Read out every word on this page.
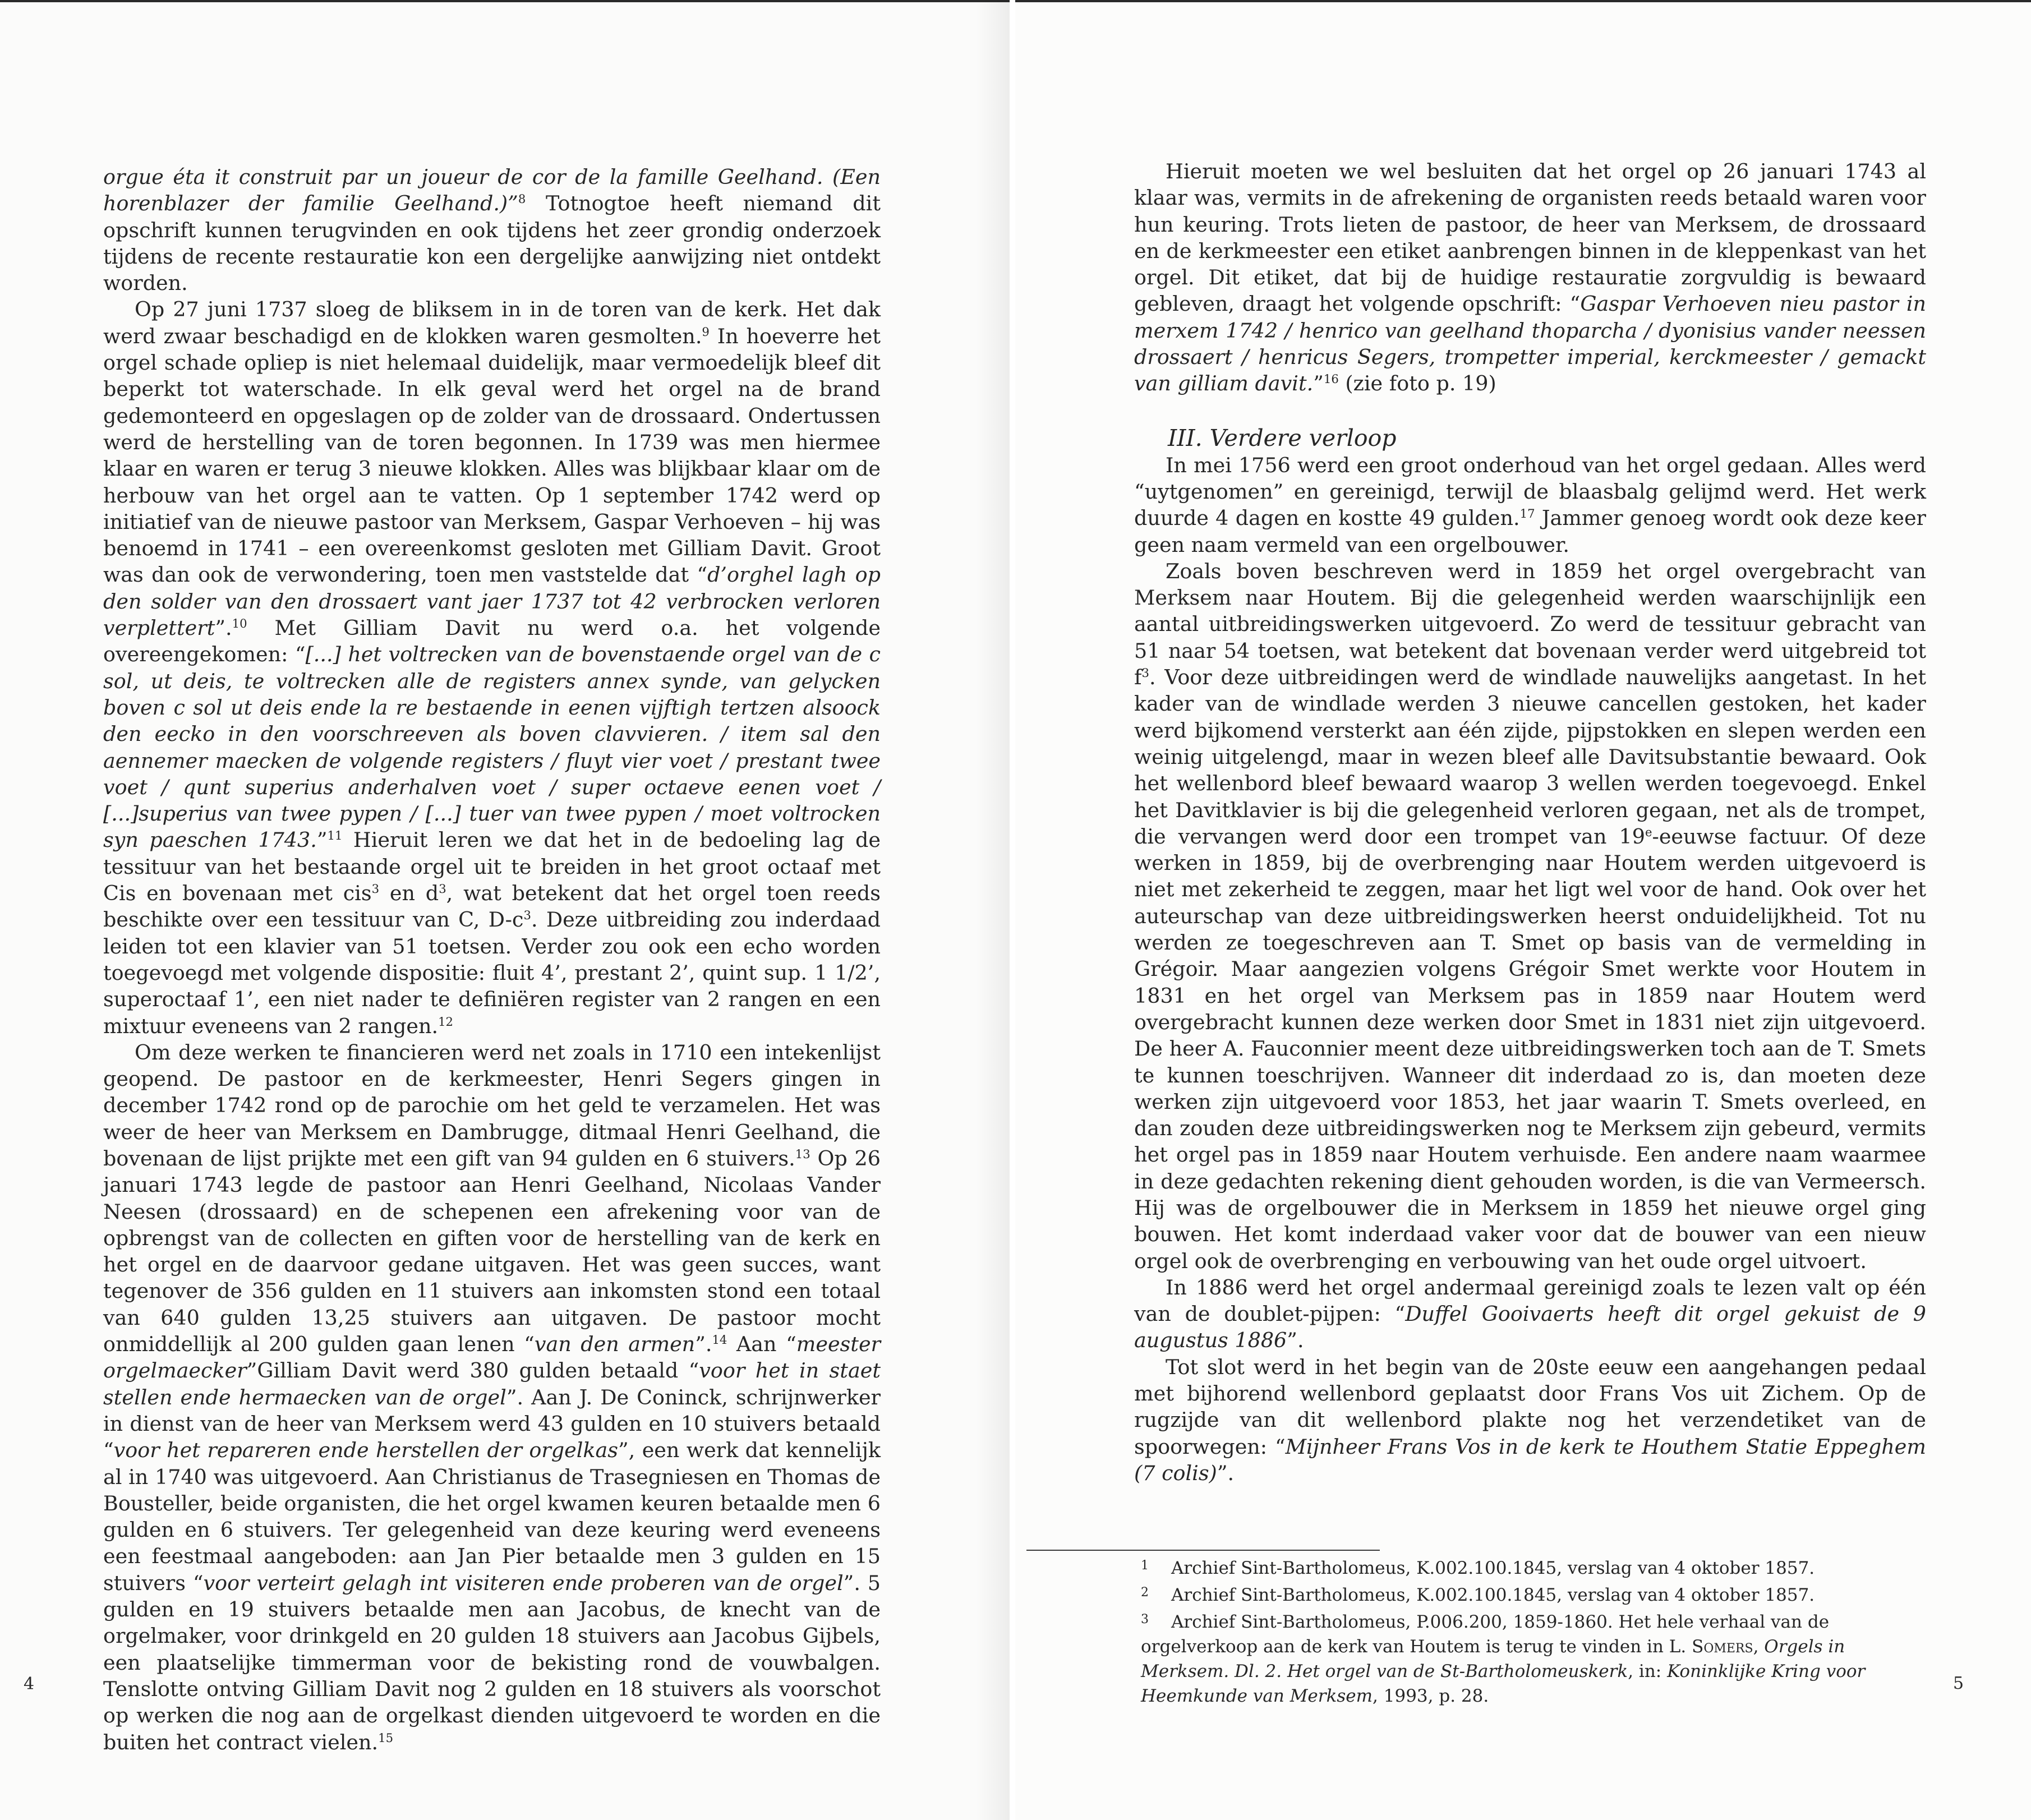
orgue éta it construit par un joueur de cor de la famille Geelhand. (Een horenblazer der familie Geelhand.)”$^8$ Totnogtoe heeft niemand dit opschrift kunnen terugvinden en ook tijdens het zeer grondig onderzoek tijdens de recente restauratie kon een dergelijke aanwijzing niet ontdekt worden.

Op 27 juni 1737 sloeg de bliksem in in de toren van de kerk. Het dak werd zwaar beschadigd en de klokken waren gesmolten.$^9$ In hoeverre het orgel schade opliep is niet helemaal duidelijk, maar vermoedelijk bleef dit beperkt tot waterschade. In elk geval werd het orgel na de brand gedemonteerd en opgeslagen op de zolder van de drossaard. Ondertussen werd de herstelling van de toren begonnen. In 1739 was men hiermee klaar en waren er terug 3 nieuwe klokken. Alles was blijkbaar klaar om de herbouw van het orgel aan te vatten. Op 1 september 1742 werd op initiatief van de nieuwe pastoor van Merksem, Gaspar Verhoeven – hij was benoemd in 1741 – een overeenkomst gesloten met Gilliam Davit. Groot was dan ook de verwondering, toen men vaststelde dat “d’orghel lagh op den solder van den drossaert vant jaer 1737 tot 42 verbrocken verloren verplettert”.$^{10}$ Met Gilliam Davit nu werd o.a. het volgende overeengekomen: “[...] het voltrecken van de bovenstaende orgel van de c sol, ut deis, te voltrecken alle de registers annex synde, van gelycken boven c sol ut deis ende la re bestaende in eenen vijftigh tertzen alsoock den eecko in den voorschreeven als boven clavvieren. / item sal den aennemer maecken de volgende registers / fluyt vier voet / prestant twee voet / qunt superius anderhalven voet / super octaeve eenen voet / [...]superius van twee pypen / [...] tuer van twee pypen / moet voltrocken syn paeschen 1743.”$^{11}$ Hieruit leren we dat het in de bedoeling lag de tessituur van het bestaande orgel uit te breiden in het groot octaaf met Cis en bovenaan met cis$^3$ en $d^3$, wat betekent dat het orgel toen reeds beschikte over een tessituur van C, $D-c^3$. Deze uitbreiding zou inderdaad leiden tot een klavier van 51 toetsen. Verder zou ook een echo worden toegevoegd met volgende dispositie: fluit 4’, prestant 2’, quint sup. 1 1/2’, superoctaaf 1’, een niet nader te definiëren register van 2 rangen en een mixtuur eveneens van 2 rangen.$^{12}$

Om deze werken te financieren werd net zoals in 1710 een intekenlijst geopend. De pastoor en de kerkmeester, Henri Segers gingen in december 1742 rond op de parochie om het geld te verzamelen. Het was weer de heer van Merksem en Dambrugge, ditmaal Henri Geelhand, die bovenaan de lijst prijkte met een gift van 94 gulden en 6 stuivers.$^{13}$ Op 26 januari 1743 legde de pastoor aan Henri Geelhand, Nicolaas Vander Neesen (drossaard) en de schepenen een afrekening voor van de opbrengst van de collecten en giften voor de herstelling van de kerk en het orgel en de daarvoor gedane uitgaven. Het was geen succes, want tegenover de 356 gulden en 11 stuivers aan inkomsten stond een totaal van 640 gulden 13,25 stuivers aan uitgaven. De pastoor mocht onmiddellijk al 200 gulden gaan lenen “van den armen”.$^{14}$ Aan “meester orgelmaecker”Gilliam Davit werd 380 gulden betaald “voor het in staet stellen ende hermaecken van de orgel”. Aan J. De Coninck, schrijnwerker in dienst van de heer van Merksem werd 43 gulden en 10 stuivers betaald “voor het repareren ende herstellen der orgelkas”, een werk dat kennelijk al in 1740 was uitgevoerd. Aan Christianus de Trasegniesen en Thomas de Bousteller, beide organisten, die het orgel kwamen keuren betaalde men 6 gulden en 6 stuivers. Ter gelegenheid van deze keuring werd eveneens een feestmaal aangeboden: aan Jan Pier betaalde men 3 gulden en 15 stuivers “voor verteirt gelagh int visiteren ende proberen van de orgel”. 5 gulden en 19 stuivers betaalde men aan Jacobus, de knecht van de orgelmaker, voor drinkgeld en 20 gulden 18 stuivers aan Jacobus Gijbels, een plaatselijke timmerman voor de bekisting rond de vouwbalgen. Tenslotte ontving Gilliam Davit nog 2 gulden en 18 stuivers als voorschot op werken die nog aan de orgelkast dienden uitgevoerd te worden en die buiten het contract vielen.$^{15}$

4

Hieruit moeten we wel besluiten dat het orgel op 26 januari 1743 al klaar was, vermits in de afrekening de organisten reeds betaald waren voor hun keuring. Trots lieten de pastoor, de heer van Merksem, de drossaard en de kerkmeester een etiket aanbrengen binnen in de kleppenkast van het orgel. Dit etiket, dat bij de huidige restauratie zorgvuldig is bewaard gebleven, draagt het volgende opschrift: “Gaspar Verhoeven nieu pastor in merxem 1742 / henrico van geelhand thoparcha / dyonisius vander neessen drossaert / henricus Segers, trompetter imperial, kerckmeester / gemackt van gilliam davit.”$^{16}$ (zie foto p. 19)

III. Verdere verloop

In mei 1756 werd een groot onderhoud van het orgel gedaan. Alles werd “uytgenomen” en gereinigd, terwijl de blaasbalg gelijmd werd. Het werk duurde 4 dagen en kostte 49 gulden.$^{17}$ Jammer genoeg wordt ook deze keer geen naam vermeld van een orgelbouwer.

Zoals boven beschreven werd in 1859 het orgel overgebracht van Merksem naar Houtem. Bij die gelegenheid werden waarschijnlijk een aantal uitbreidingswerken uitgevoerd. Zo werd de tessituur gebracht van 51 naar 54 toetsen, wat betekent dat bovenaan verder werd uitgebreid tot $f^3$. Voor deze uitbreidingen werd de windlade nauwelijks aangetast. In het kader van de windlade werden 3 nieuwe cancellen gestoken, het kader werd bijkomend versterkt aan één zijde, pijpstokken en slepen werden een weinig uitgelengd, maar in wezen bleef alle Davitsubstantie bewaard. Ook het wellenbord bleef bewaard waarop 3 wellen werden toegevoegd. Enkel het Davitklavier is bij die gelegenheid verloren gegaan, net als de trompet, die vervangen werd door een trompet van 19e-eeuwse factuur. Of deze werken in 1859, bij de overbrenging naar Houtem werden uitgevoerd is niet met zekerheid te zeggen, maar het ligt wel voor de hand. Ook over het auteurschap van deze uitbreidingswerken heerst onduidelijkheid. Tot nu werden ze toegeschreven aan T. Smet op basis van de vermelding in Grégoir. Maar aangezien volgens Grégoir Smet werkte voor Houtem in 1831 en het orgel van Merksem pas in 1859 naar Houtem werd overgebracht kunnen deze werken door Smet in 1831 niet zijn uitgevoerd. De heer A. Fauconnier meent deze uitbreidingswerken toch aan de T. Smets te kunnen toeschrijven. Wanneer dit inderdaad zo is, dan moeten deze werken zijn uitgevoerd voor 1853, het jaar waarin T. Smets overleed, en dan zouden deze uitbreidingswerken nog te Merksem zijn gebeurd, vermits het orgel pas in 1859 naar Houtem verhuisde. Een andere naam waarmee in deze gedachten rekening dient gehouden worden, is die van Vermeersch. Hij was de orgelbouwer die in Merksem in 1859 het nieuwe orgel ging bouwen. Het komt inderdaad vaker voor dat de bouwer van een nieuw orgel ook de overbrenging en verbouwing van het oude orgel uitvoert.

In 1886 werd het orgel andermaal gereinigd zoals te lezen valt op één van de doublet-pijpen: “Duffel Gooivaerts heeft dit orgel gekuist de 9 augustus 1886”.

Tot slot werd in het begin van de 20ste eeuw een aangehangen pedaal met bijhorend wellenbord geplaatst door Frans Vos uit Zichem. Op de rugzijde van dit wellenbord plakte nog het verzendetiket van de spoorwegen: “Mijnheer Frans Vos in de kerk te Houthem Statie Eppeghem (7 colis)”.

1 Archief Sint-Bartholomeus, K.002.100.1845, verslag van 4 oktober 1857.

2 Archief Sint-Bartholomeus, K.002.100.1845, verslag van 4 oktober 1857.

3 Archief Sint-Bartholomeus, P.006.200, 1859-1860. Het hele verhaal van de orgelverkoop aan de kerk van Houtem is terug te vinden in L. Somers, Orgels in Merksem. Dl. 2. Het orgel van de St-Bartholomeuskerk, in: Koninklijke Kring voor Heemkunde van Merksem, 1993, p. 28.

5
